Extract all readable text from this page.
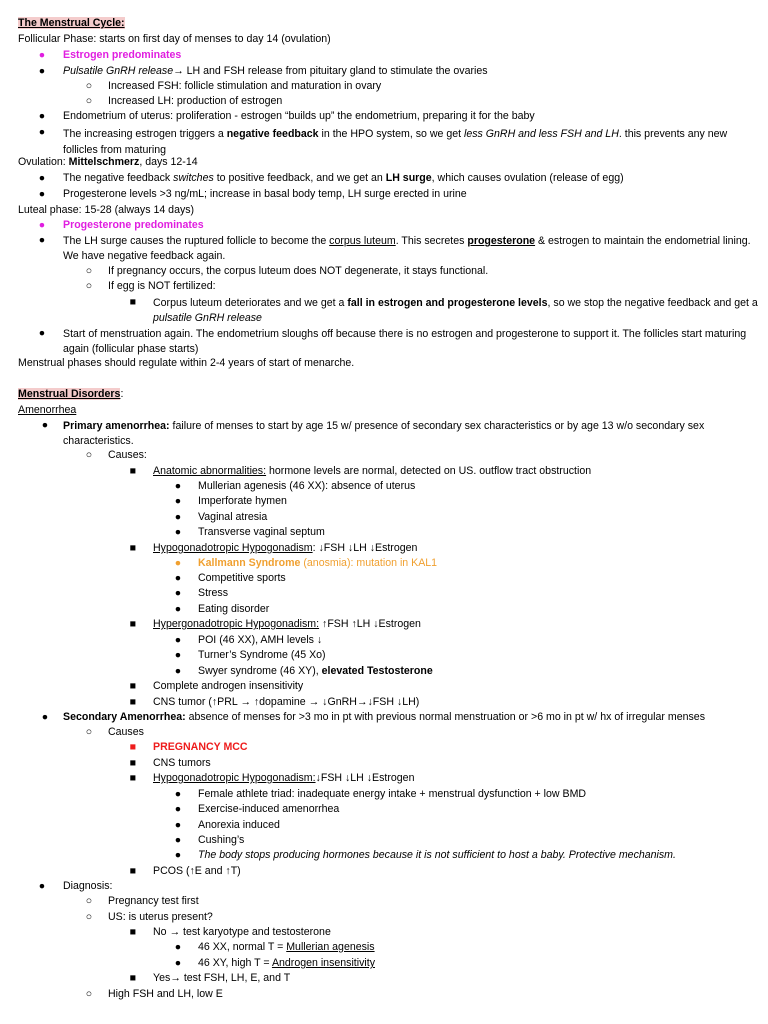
The Menstrual Cycle:
Follicular Phase: starts on first day of menses to day 14 (ovulation)
● Estrogen predominates
● Pulsatile GnRH release→ LH and FSH release from pituitary gland to stimulate the ovaries
○ Increased FSH: follicle stimulation and maturation in ovary
○ Increased LH: production of estrogen
● Endometrium of uterus: proliferation - estrogen “builds up” the endometrium, preparing it for the baby
● The increasing estrogen triggers a negative feedback in the HPO system, so we get less GnRH and less FSH and LH. this prevents any new follicles from maturing
Ovulation: Mittelschmerz, days 12-14
● The negative feedback switches to positive feedback, and we get an LH surge, which causes ovulation (release of egg)
● Progesterone levels >3 ng/mL; increase in basal body temp, LH surge erected in urine
Luteal phase: 15-28 (always 14 days)
● Progesterone predominates
● The LH surge causes the ruptured follicle to become the corpus luteum. This secretes progesterone & estrogen to maintain the endometrial lining. We have negative feedback again.
○ If pregnancy occurs, the corpus luteum does NOT degenerate, it stays functional.
○ If egg is NOT fertilized:
■ Corpus luteum deteriorates and we get a fall in estrogen and progesterone levels, so we stop the negative feedback and get a pulsatile GnRH release
● Start of menstruation again. The endometrium sloughs off because there is no estrogen and progesterone to support it. The follicles start maturing again (follicular phase starts)
Menstrual phases should regulate within 2-4 years of start of menarche.
Menstrual Disorders:
Amenorrhea
● Primary amenorrhea: failure of menses to start by age 15 w/ presence of secondary sex characteristics or by age 13 w/o secondary sex characteristics.
○ Causes:
■ Anatomic abnormalities: hormone levels are normal, detected on US. outflow tract obstruction
● Mullerian agenesis (46 XX): absence of uterus
● Imperforate hymen
● Vaginal atresia
● Transverse vaginal septum
■ Hypogonadotropic Hypogonadism: ↓FSH ↓LH ↓Estrogen
● Kallmann Syndrome (anosmia): mutation in KAL1
● Competitive sports
● Stress
● Eating disorder
■ Hypergonadotropic Hypogonadism: ↑FSH ↑LH ↓Estrogen
● POI (46 XX), AMH levels ↓
● Turner’s Syndrome (45 Xo)
● Swyer syndrome (46 XY), elevated Testosterone
■ Complete androgen insensitivity
■ CNS tumor (↑PRL → ↑dopamine → ↓GnRH→↓FSH ↓LH)
● Secondary Amenorrhea: absence of menses for >3 mo in pt with previous normal menstruation or >6 mo in pt w/ hx of irregular menses
○ Causes
■ PREGNANCY MCC
■ CNS tumors
■ Hypogonadotropic Hypogonadism:↓FSH ↓LH ↓Estrogen
● Female athlete triad: inadequate energy intake + menstrual dysfunction + low BMD
● Exercise-induced amenorrhea
● Anorexia induced
● Cushing’s
● The body stops producing hormones because it is not sufficient to host a baby. Protective mechanism.
■ PCOS (↑E and ↑T)
● Diagnosis:
○ Pregnancy test first
○ US: is uterus present?
■ No → test karyotype and testosterone
● 46 XX, normal T = Mullerian agenesis
● 46 XY, high T = Androgen insensitivity
■ Yes→ test FSH, LH, E, and T
○ High FSH and LH, low E
